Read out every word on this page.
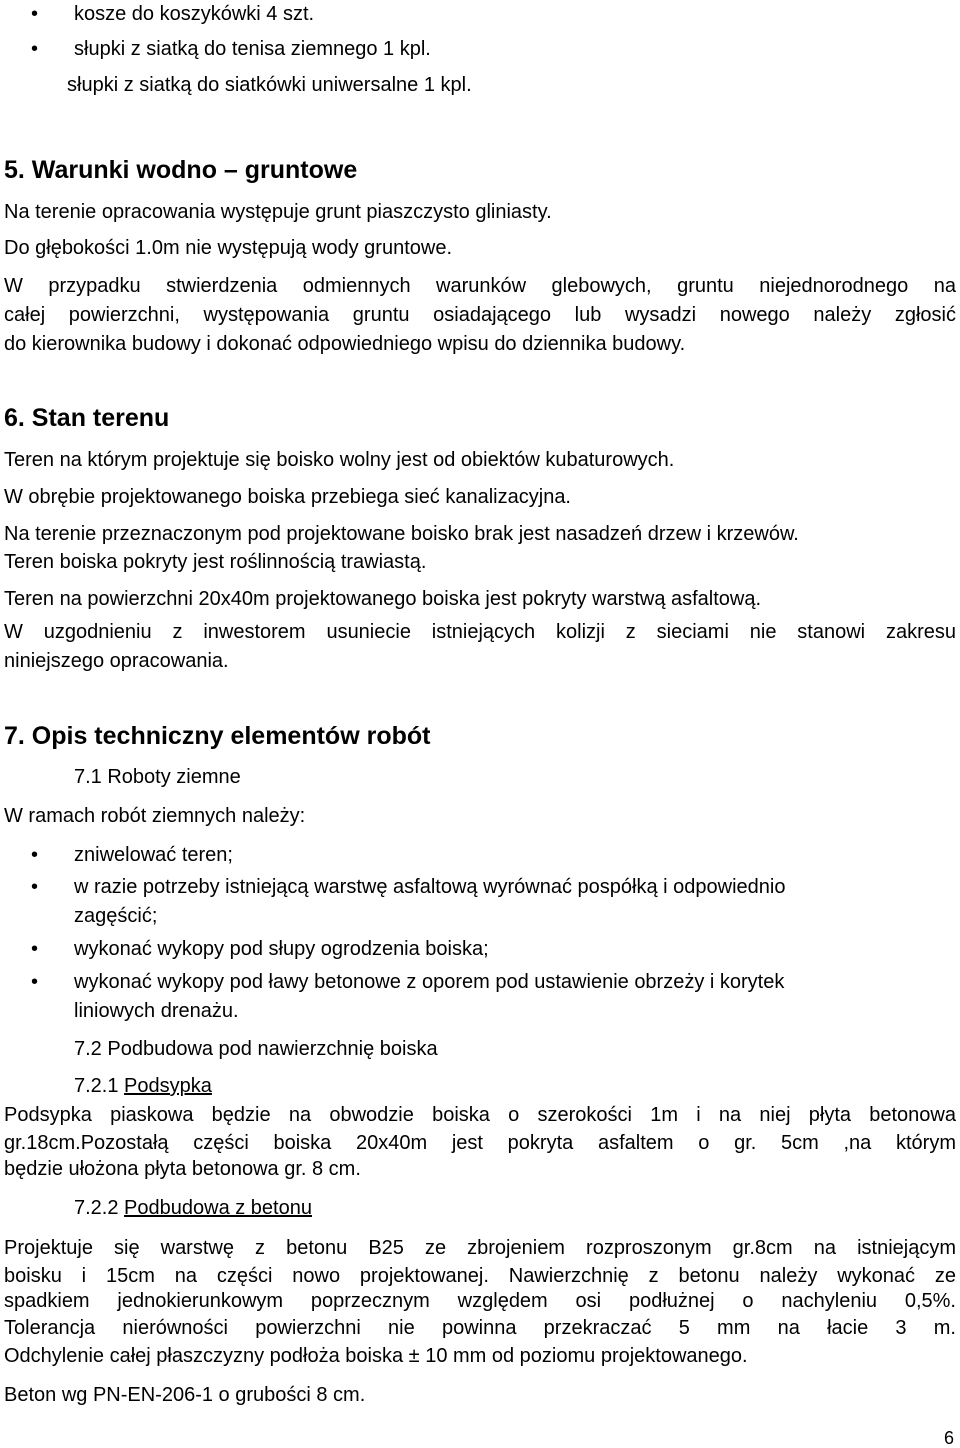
• kosze do koszykówki 4 szt.
• słupki z siatką do tenisa ziemnego 1 kpl.
słupki z siatką do siatkówki uniwersalne 1 kpl.
5. Warunki wodno – gruntowe
Na terenie opracowania występuje grunt piaszczysto gliniasty.
Do głębokości 1.0m nie występują wody gruntowe.
W przypadku stwierdzenia odmiennych warunków glebowych, gruntu niejednorodnego na
całej powierzchni, występowania gruntu osiadającego lub wysadzi nowego należy zgłosić
do kierownika budowy i dokonać odpowiedniego wpisu do dziennika budowy.
6. Stan terenu
Teren na którym projektuje się boisko wolny jest od obiektów kubaturowych.
W obrębie projektowanego boiska przebiega sieć kanalizacyjna.
Na terenie przeznaczonym pod projektowane boisko brak jest nasadzeń drzew i krzewów.
Teren boiska pokryty jest roślinnością trawiastą.
Teren na powierzchni 20x40m projektowanego boiska jest pokryty warstwą asfaltową.
W uzgodnieniu z inwestorem usuniecie istniejących kolizji z sieciami nie stanowi zakresu
niniejszego opracowania.
7. Opis techniczny elementów robót
7.1 Roboty ziemne
W ramach robót ziemnych należy:
• zniwelować teren;
• w razie potrzeby istniejącą warstwę asfaltową wyrównać pospółką i odpowiednio
zagęścić;
• wykonać wykopy pod słupy ogrodzenia boiska;
• wykonać wykopy pod ławy betonowe z oporem pod ustawienie obrzeży i korytek
liniowych drenażu.
7.2 Podbudowa pod nawierzchnię boiska
7.2.1 Podsypka
Podsypka piaskowa będzie na obwodzie boiska o szerokości 1m i na niej płyta betonowa
gr.18cm.Pozostałą części boiska 20x40m jest pokryta asfaltem o gr. 5cm ,na którym
będzie ułożona płyta betonowa gr. 8 cm.
7.2.2 Podbudowa z betonu
Projektuje się warstwę z betonu B25 ze zbrojeniem rozproszonym gr.8cm na istniejącym
boisku i 15cm na części nowo projektowanej. Nawierzchnię z betonu należy wykonać ze
spadkiem jednokierunkowym poprzecznym względem osi podłużnej o nachyleniu 0,5%.
Tolerancja nierówności powierzchni nie powinna przekraczać 5 mm na łacie 3 m.
Odchylenie całej płaszczyzny podłoża boiska ± 10 mm od poziomu projektowanego.
Beton wg PN-EN-206-1 o grubości 8 cm.
6
